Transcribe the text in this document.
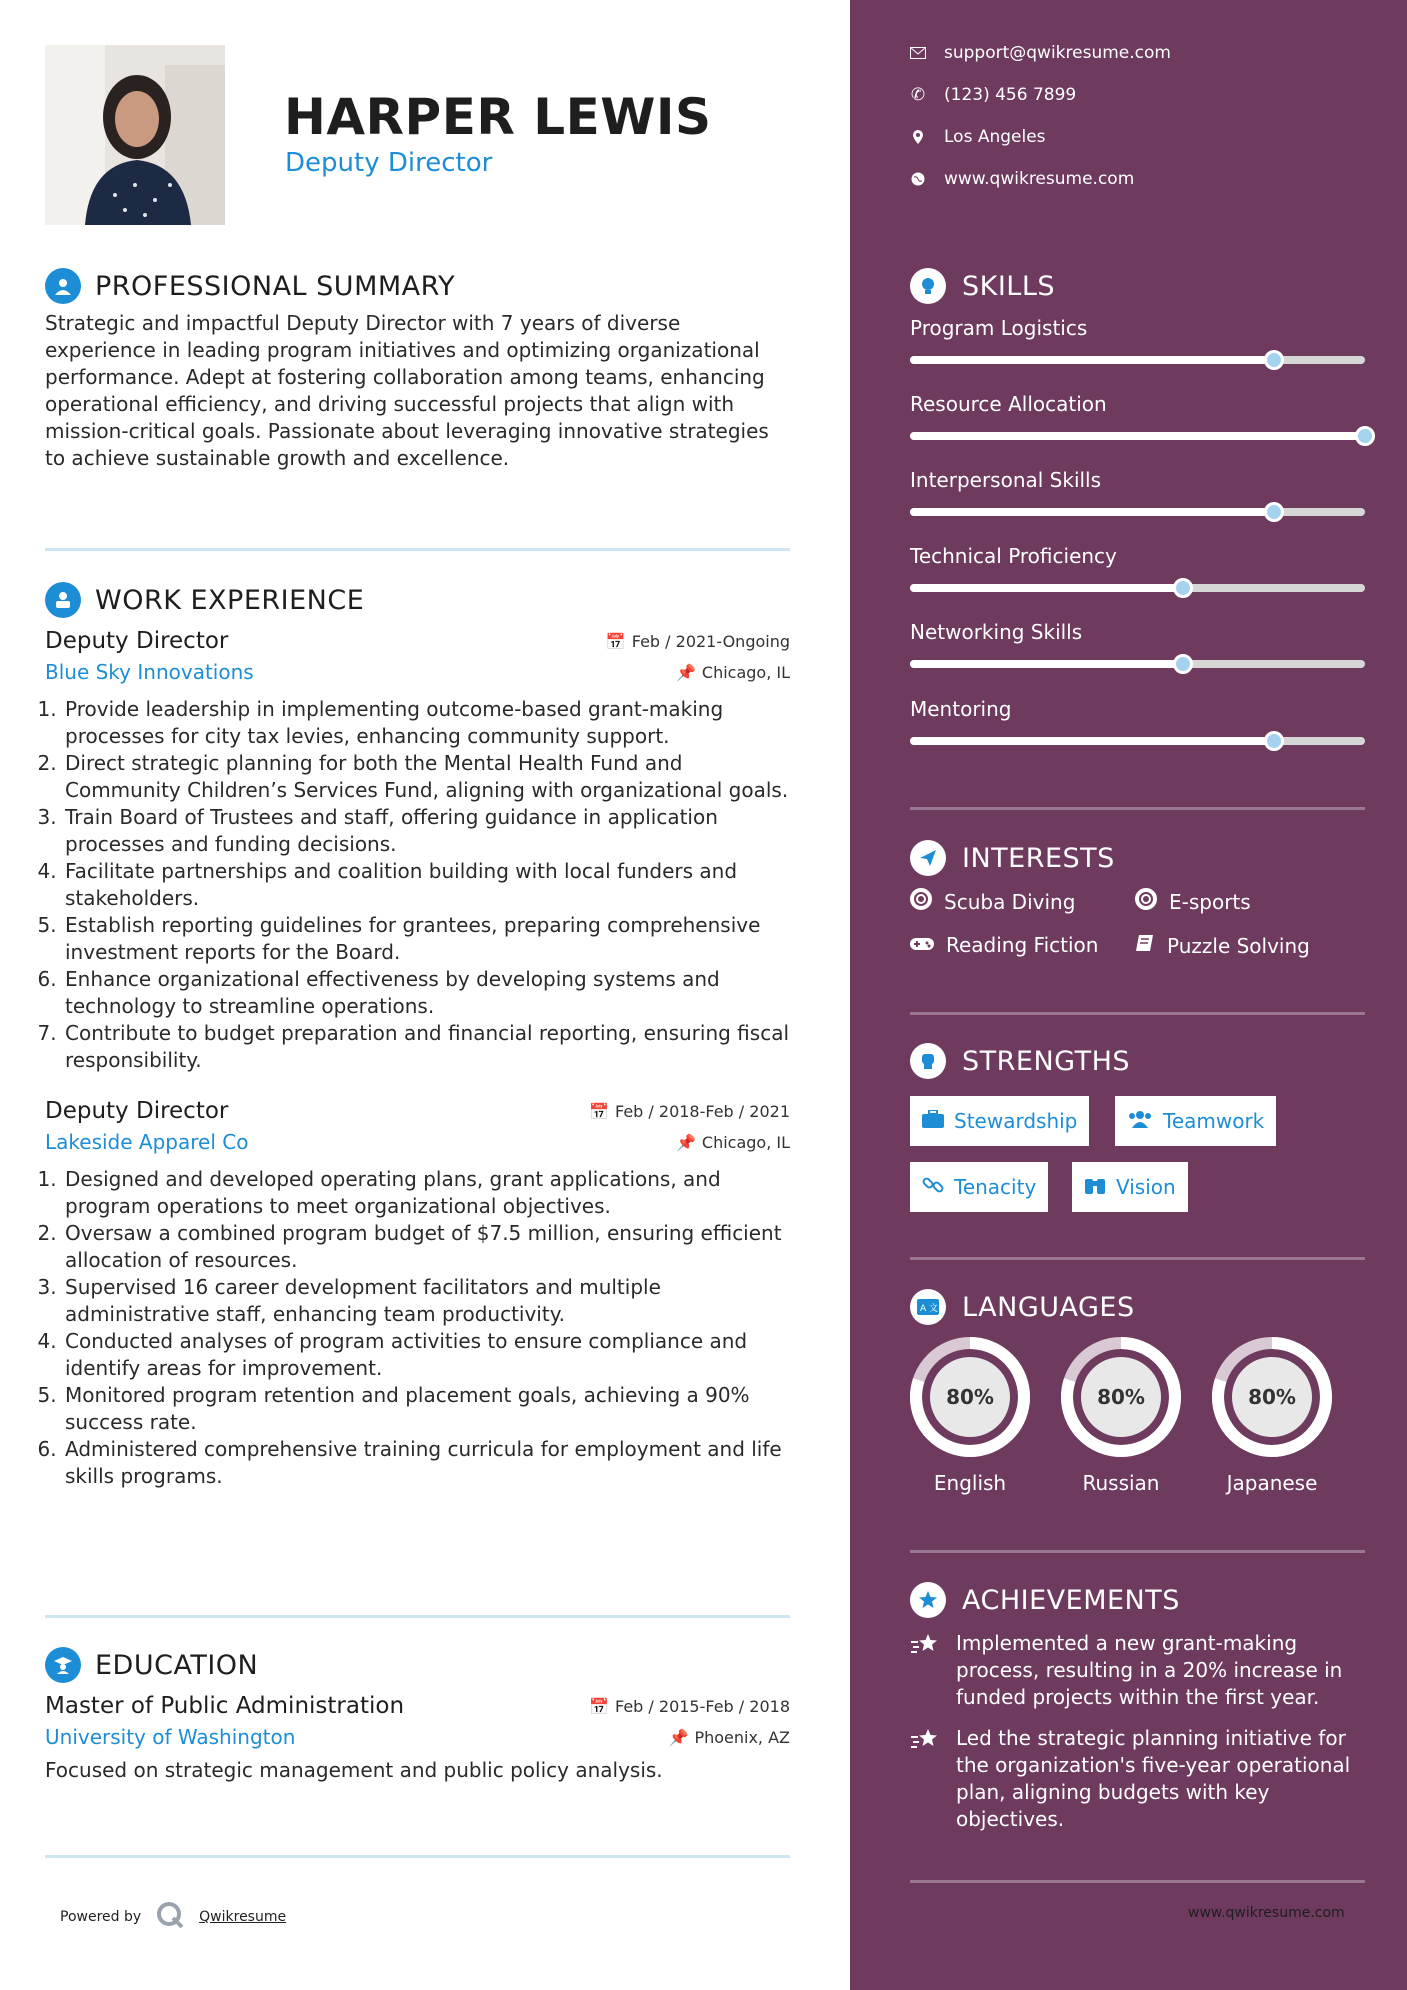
HARPER LEWIS
Deputy Director
PROFESSIONAL SUMMARY
Strategic and impactful Deputy Director with 7 years of diverse experience in leading program initiatives and optimizing organizational performance. Adept at fostering collaboration among teams, enhancing operational efficiency, and driving successful projects that align with mission-critical goals. Passionate about leveraging innovative strategies to achieve sustainable growth and excellence.
WORK EXPERIENCE
Deputy Director	📅 Feb / 2021-Ongoing
Blue Sky Innovations	📌 Chicago, IL
1. Provide leadership in implementing outcome-based grant-making processes for city tax levies, enhancing community support.
2. Direct strategic planning for both the Mental Health Fund and Community Children’s Services Fund, aligning with organizational goals.
3. Train Board of Trustees and staff, offering guidance in application processes and funding decisions.
4. Facilitate partnerships and coalition building with local funders and stakeholders.
5. Establish reporting guidelines for grantees, preparing comprehensive investment reports for the Board.
6. Enhance organizational effectiveness by developing systems and technology to streamline operations.
7. Contribute to budget preparation and financial reporting, ensuring fiscal responsibility.
Deputy Director	📅 Feb / 2018-Feb / 2021
Lakeside Apparel Co	📌 Chicago, IL
1. Designed and developed operating plans, grant applications, and program operations to meet organizational objectives.
2. Oversaw a combined program budget of $7.5 million, ensuring efficient allocation of resources.
3. Supervised 16 career development facilitators and multiple administrative staff, enhancing team productivity.
4. Conducted analyses of program activities to ensure compliance and identify areas for improvement.
5. Monitored program retention and placement goals, achieving a 90% success rate.
6. Administered comprehensive training curricula for employment and life skills programs.
EDUCATION
Master of Public Administration	📅 Feb / 2015-Feb / 2018
University of Washington	📌 Phoenix, AZ
Focused on strategic management and public policy analysis.
Powered by	Qwikresume
support@qwikresume.com
✆ (123) 456 7899
Los Angeles
www.qwikresume.com
SKILLS
Program Logistics
Resource Allocation
Interpersonal Skills
Technical Proficiency
Networking Skills
Mentoring
INTERESTS
Scuba Diving	E-sports
Reading Fiction	Puzzle Solving
STRENGTHS
Stewardship	Teamwork
Tenacity	Vision
A 文 LANGUAGES
80%
English
80%
Russian
80%
Japanese
ACHIEVEMENTS
Implemented a new grant-making process, resulting in a 20% increase in funded projects within the first year.
Led the strategic planning initiative for the organization's five-year operational plan, aligning budgets with key objectives.
www.qwikresume.com
